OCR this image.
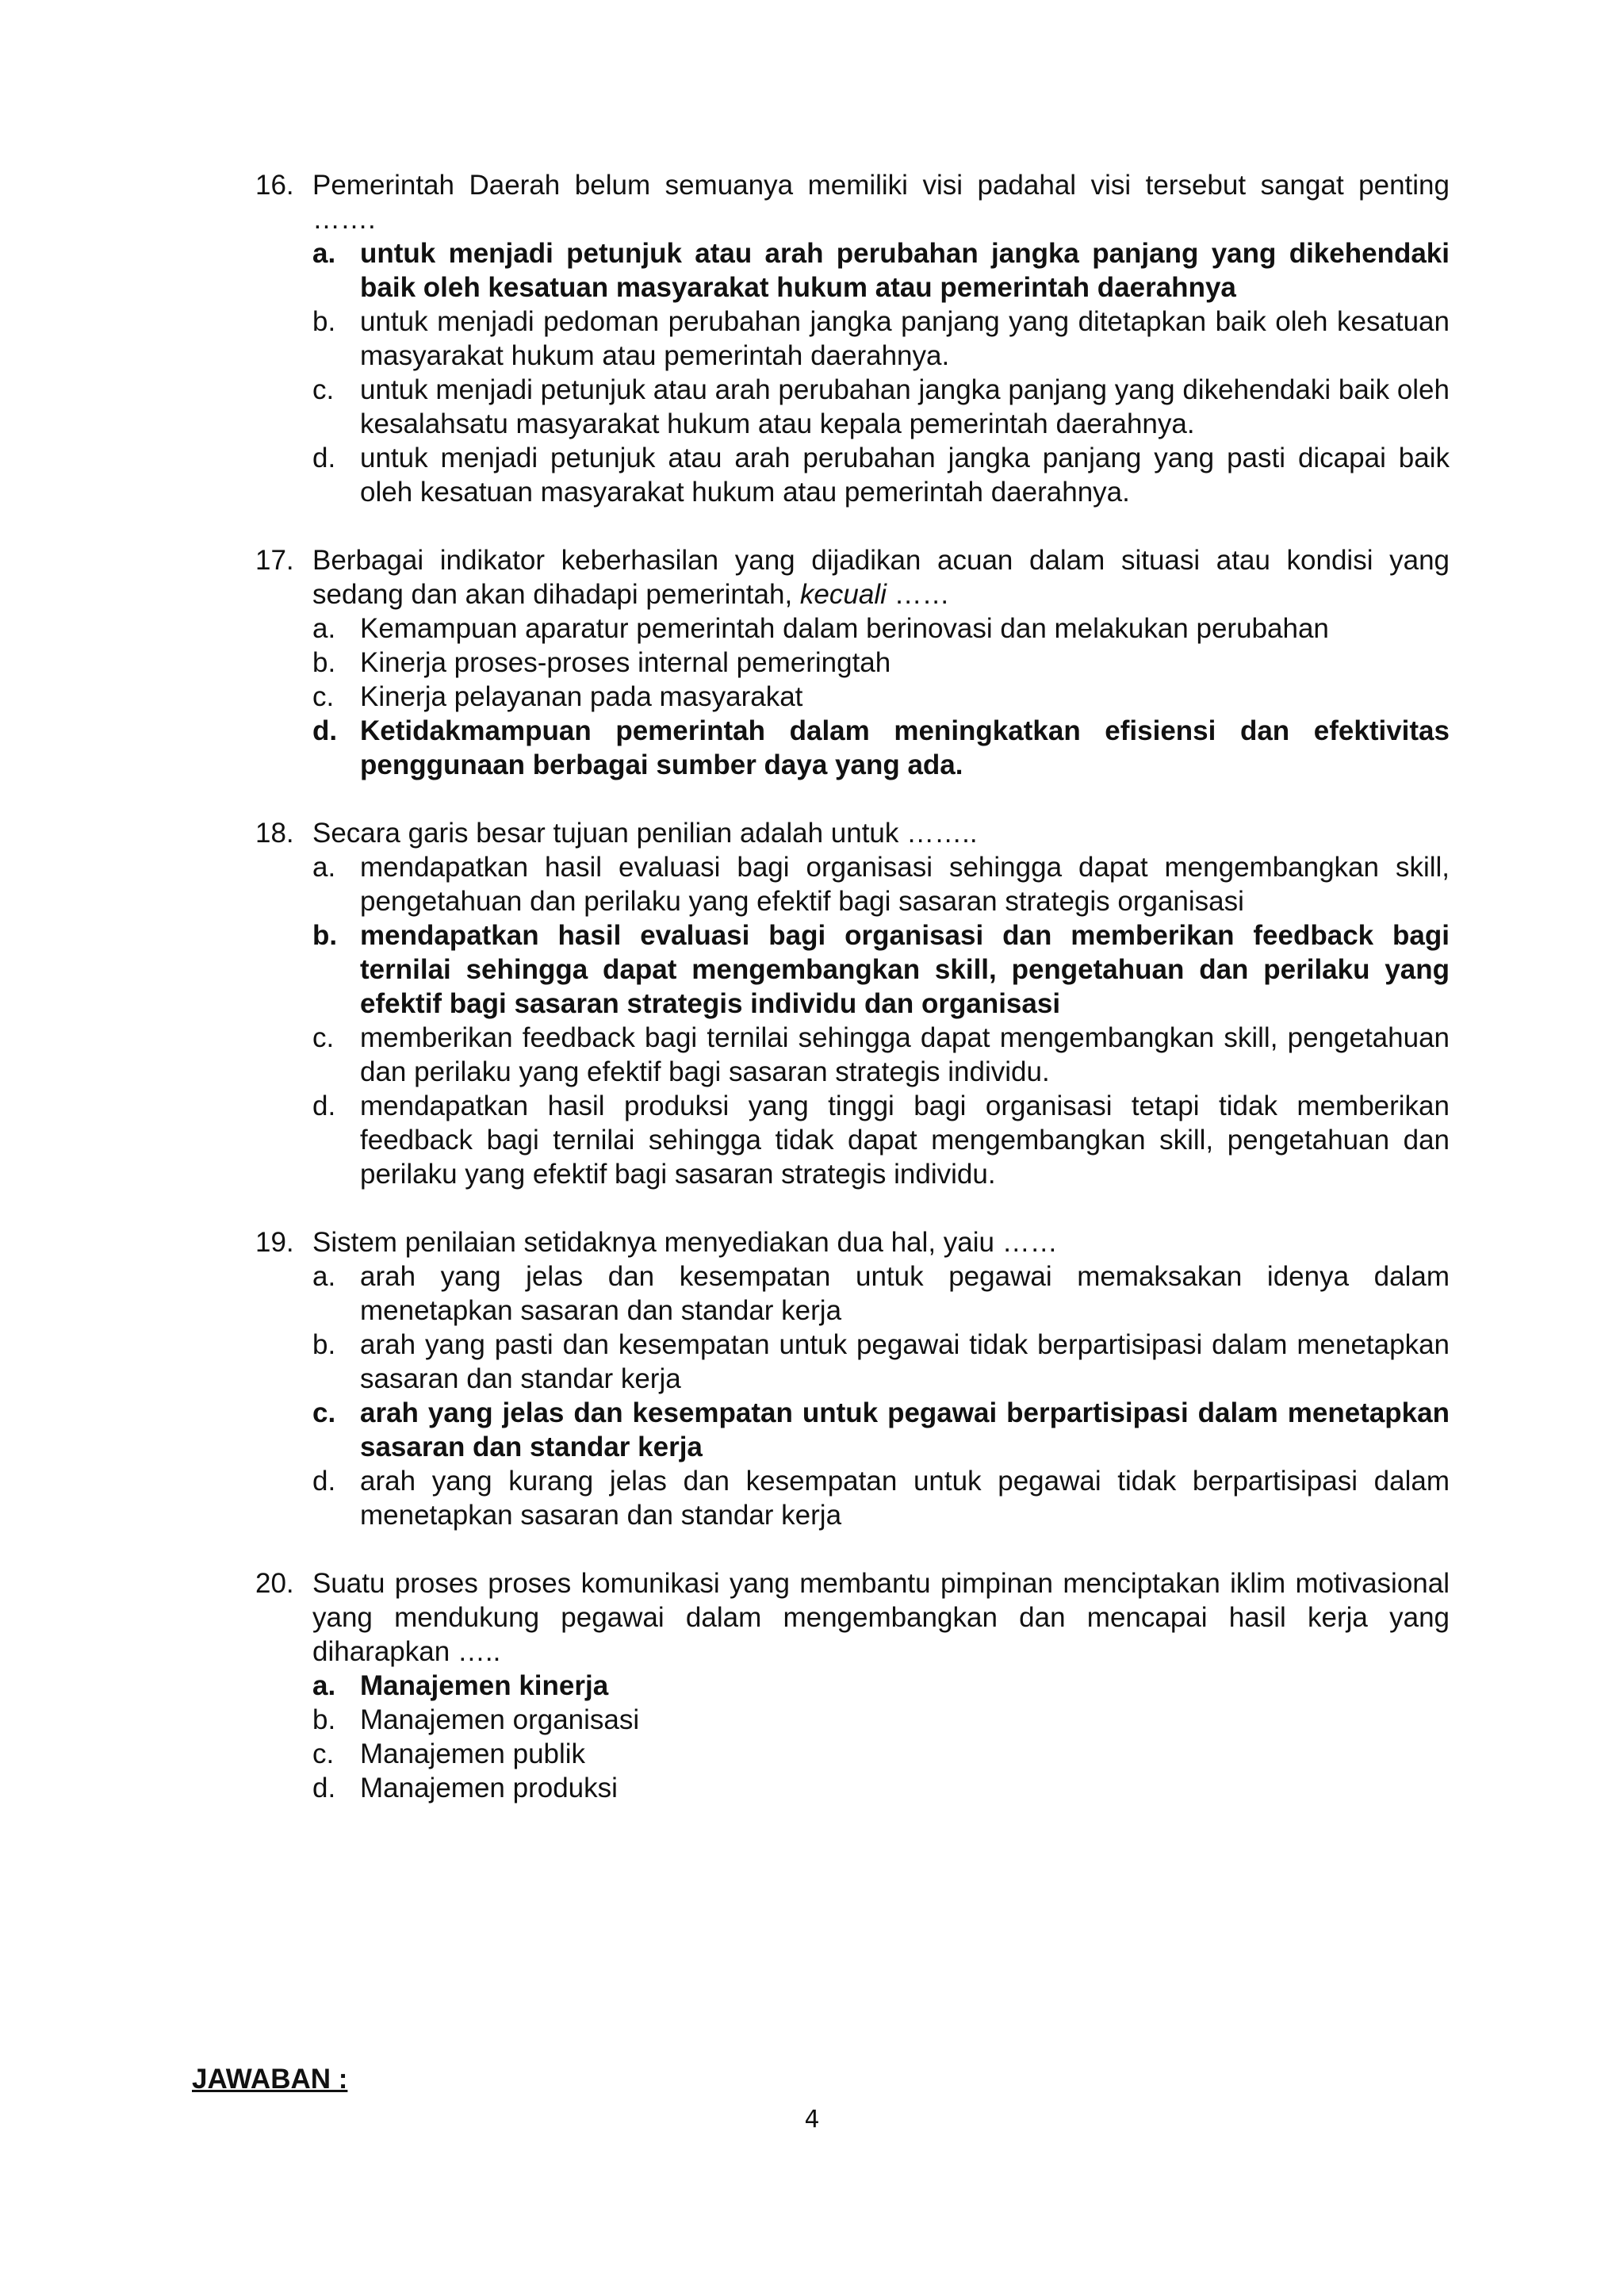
16. Pemerintah Daerah belum semuanya memiliki visi padahal visi tersebut sangat penting …….
a. untuk menjadi petunjuk atau arah perubahan jangka panjang yang dikehendaki baik oleh kesatuan masyarakat hukum atau pemerintah daerahnya
b. untuk menjadi pedoman perubahan jangka panjang yang ditetapkan baik oleh kesatuan masyarakat hukum atau pemerintah daerahnya.
c. untuk menjadi petunjuk atau arah perubahan jangka panjang yang dikehendaki baik oleh kesalahsatu masyarakat hukum atau kepala pemerintah daerahnya.
d. untuk menjadi petunjuk atau arah perubahan jangka panjang yang pasti dicapai baik oleh kesatuan masyarakat hukum atau pemerintah daerahnya.
17. Berbagai indikator keberhasilan yang dijadikan acuan dalam situasi atau kondisi yang sedang dan akan dihadapi pemerintah, kecuali ……
a. Kemampuan aparatur pemerintah dalam berinovasi dan melakukan perubahan
b. Kinerja proses-proses internal pemeringtah
c. Kinerja pelayanan pada masyarakat
d. Ketidakmampuan pemerintah dalam meningkatkan efisiensi dan efektivitas penggunaan berbagai sumber daya yang ada.
18. Secara garis besar tujuan penilian adalah untuk ……..
a. mendapatkan hasil evaluasi bagi organisasi sehingga dapat mengembangkan skill, pengetahuan dan perilaku yang efektif bagi sasaran strategis organisasi
b. mendapatkan hasil evaluasi bagi organisasi dan memberikan feedback bagi ternilai sehingga dapat mengembangkan skill, pengetahuan dan perilaku yang efektif bagi sasaran strategis individu dan organisasi
c. memberikan feedback bagi ternilai sehingga dapat mengembangkan skill, pengetahuan dan perilaku yang efektif bagi sasaran strategis individu.
d. mendapatkan hasil produksi yang tinggi bagi organisasi tetapi tidak memberikan feedback bagi ternilai sehingga tidak dapat mengembangkan skill, pengetahuan dan perilaku yang efektif bagi sasaran strategis individu.
19. Sistem penilaian setidaknya menyediakan dua hal, yaiu ……
a. arah yang jelas dan kesempatan untuk pegawai memaksakan idenya dalam menetapkan sasaran dan standar kerja
b. arah yang pasti dan kesempatan untuk pegawai tidak berpartisipasi dalam menetapkan sasaran dan standar kerja
c. arah yang jelas dan kesempatan untuk pegawai berpartisipasi dalam menetapkan sasaran dan standar kerja
d. arah yang kurang jelas dan kesempatan untuk pegawai tidak berpartisipasi dalam menetapkan sasaran dan standar kerja
20. Suatu proses proses komunikasi yang membantu pimpinan menciptakan iklim motivasional yang mendukung pegawai dalam mengembangkan dan mencapai hasil kerja yang diharapkan …..
a. Manajemen kinerja
b. Manajemen organisasi
c. Manajemen publik
d. Manajemen produksi
JAWABAN :
4
